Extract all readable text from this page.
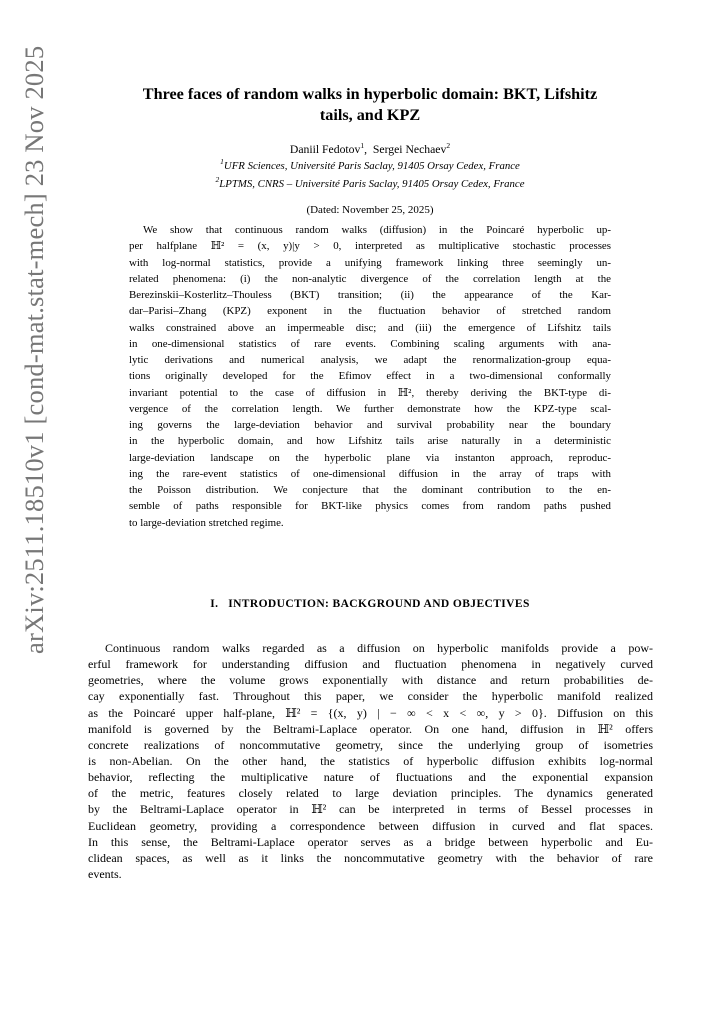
arXiv:2511.18510v1 [cond-mat.stat-mech] 23 Nov 2025	Three faces of random walks in hyperbolic domain: BKT, Lifshitz
tails, and KPZ
Daniil Fedotov$^1$,  Sergei Nechaev$^2$
$^1$UFR Sciences, Université Paris Saclay, 91405 Orsay Cedex, France
$^2$LPTMS, CNRS – Université Paris Saclay, 91405 Orsay Cedex, France
(Dated: November 25, 2025)
We show that continuous random walks (diffusion) in the Poincaré hyperbolic up-
per halfplane ℍ² = (x, y)|y > 0, interpreted as multiplicative stochastic processes
with log-normal statistics, provide a unifying framework linking three seemingly un-
related phenomena: (i) the non-analytic divergence of the correlation length at the
Berezinskii–Kosterlitz–Thouless (BKT) transition; (ii) the appearance of the Kar-
dar–Parisi–Zhang (KPZ) exponent in the fluctuation behavior of stretched random
walks constrained above an impermeable disc; and (iii) the emergence of Lifshitz tails
in one-dimensional statistics of rare events. Combining scaling arguments with ana-
lytic derivations and numerical analysis, we adapt the renormalization-group equa-
tions originally developed for the Efimov effect in a two-dimensional conformally
invariant potential to the case of diffusion in ℍ², thereby deriving the BKT-type di-
vergence of the correlation length. We further demonstrate how the KPZ-type scal-
ing governs the large-deviation behavior and survival probability near the boundary
in the hyperbolic domain, and how Lifshitz tails arise naturally in a deterministic
large-deviation landscape on the hyperbolic plane via instanton approach, reproduc-
ing the rare-event statistics of one-dimensional diffusion in the array of traps with
the Poisson distribution. We conjecture that the dominant contribution to the en-
semble of paths responsible for BKT-like physics comes from random paths pushed
to large-deviation stretched regime.
I.   INTRODUCTION: BACKGROUND AND OBJECTIVES
Continuous random walks regarded as a diffusion on hyperbolic manifolds provide a pow-
erful framework for understanding diffusion and fluctuation phenomena in negatively curved
geometries, where the volume grows exponentially with distance and return probabilities de-
cay exponentially fast. Throughout this paper, we consider the hyperbolic manifold realized
as the Poincaré upper half-plane, ℍ² = {(x, y) | − ∞ < x < ∞, y > 0}. Diffusion on this
manifold is governed by the Beltrami-Laplace operator. On one hand, diffusion in ℍ² offers
concrete realizations of noncommutative geometry, since the underlying group of isometries
is non-Abelian. On the other hand, the statistics of hyperbolic diffusion exhibits log-normal
behavior, reflecting the multiplicative nature of fluctuations and the exponential expansion
of the metric, features closely related to large deviation principles. The dynamics generated
by the Beltrami-Laplace operator in ℍ² can be interpreted in terms of Bessel processes in
Euclidean geometry, providing a correspondence between diffusion in curved and flat spaces.
In this sense, the Beltrami-Laplace operator serves as a bridge between hyperbolic and Eu-
clidean spaces, as well as it links the noncommutative geometry with the behavior of rare
events.
